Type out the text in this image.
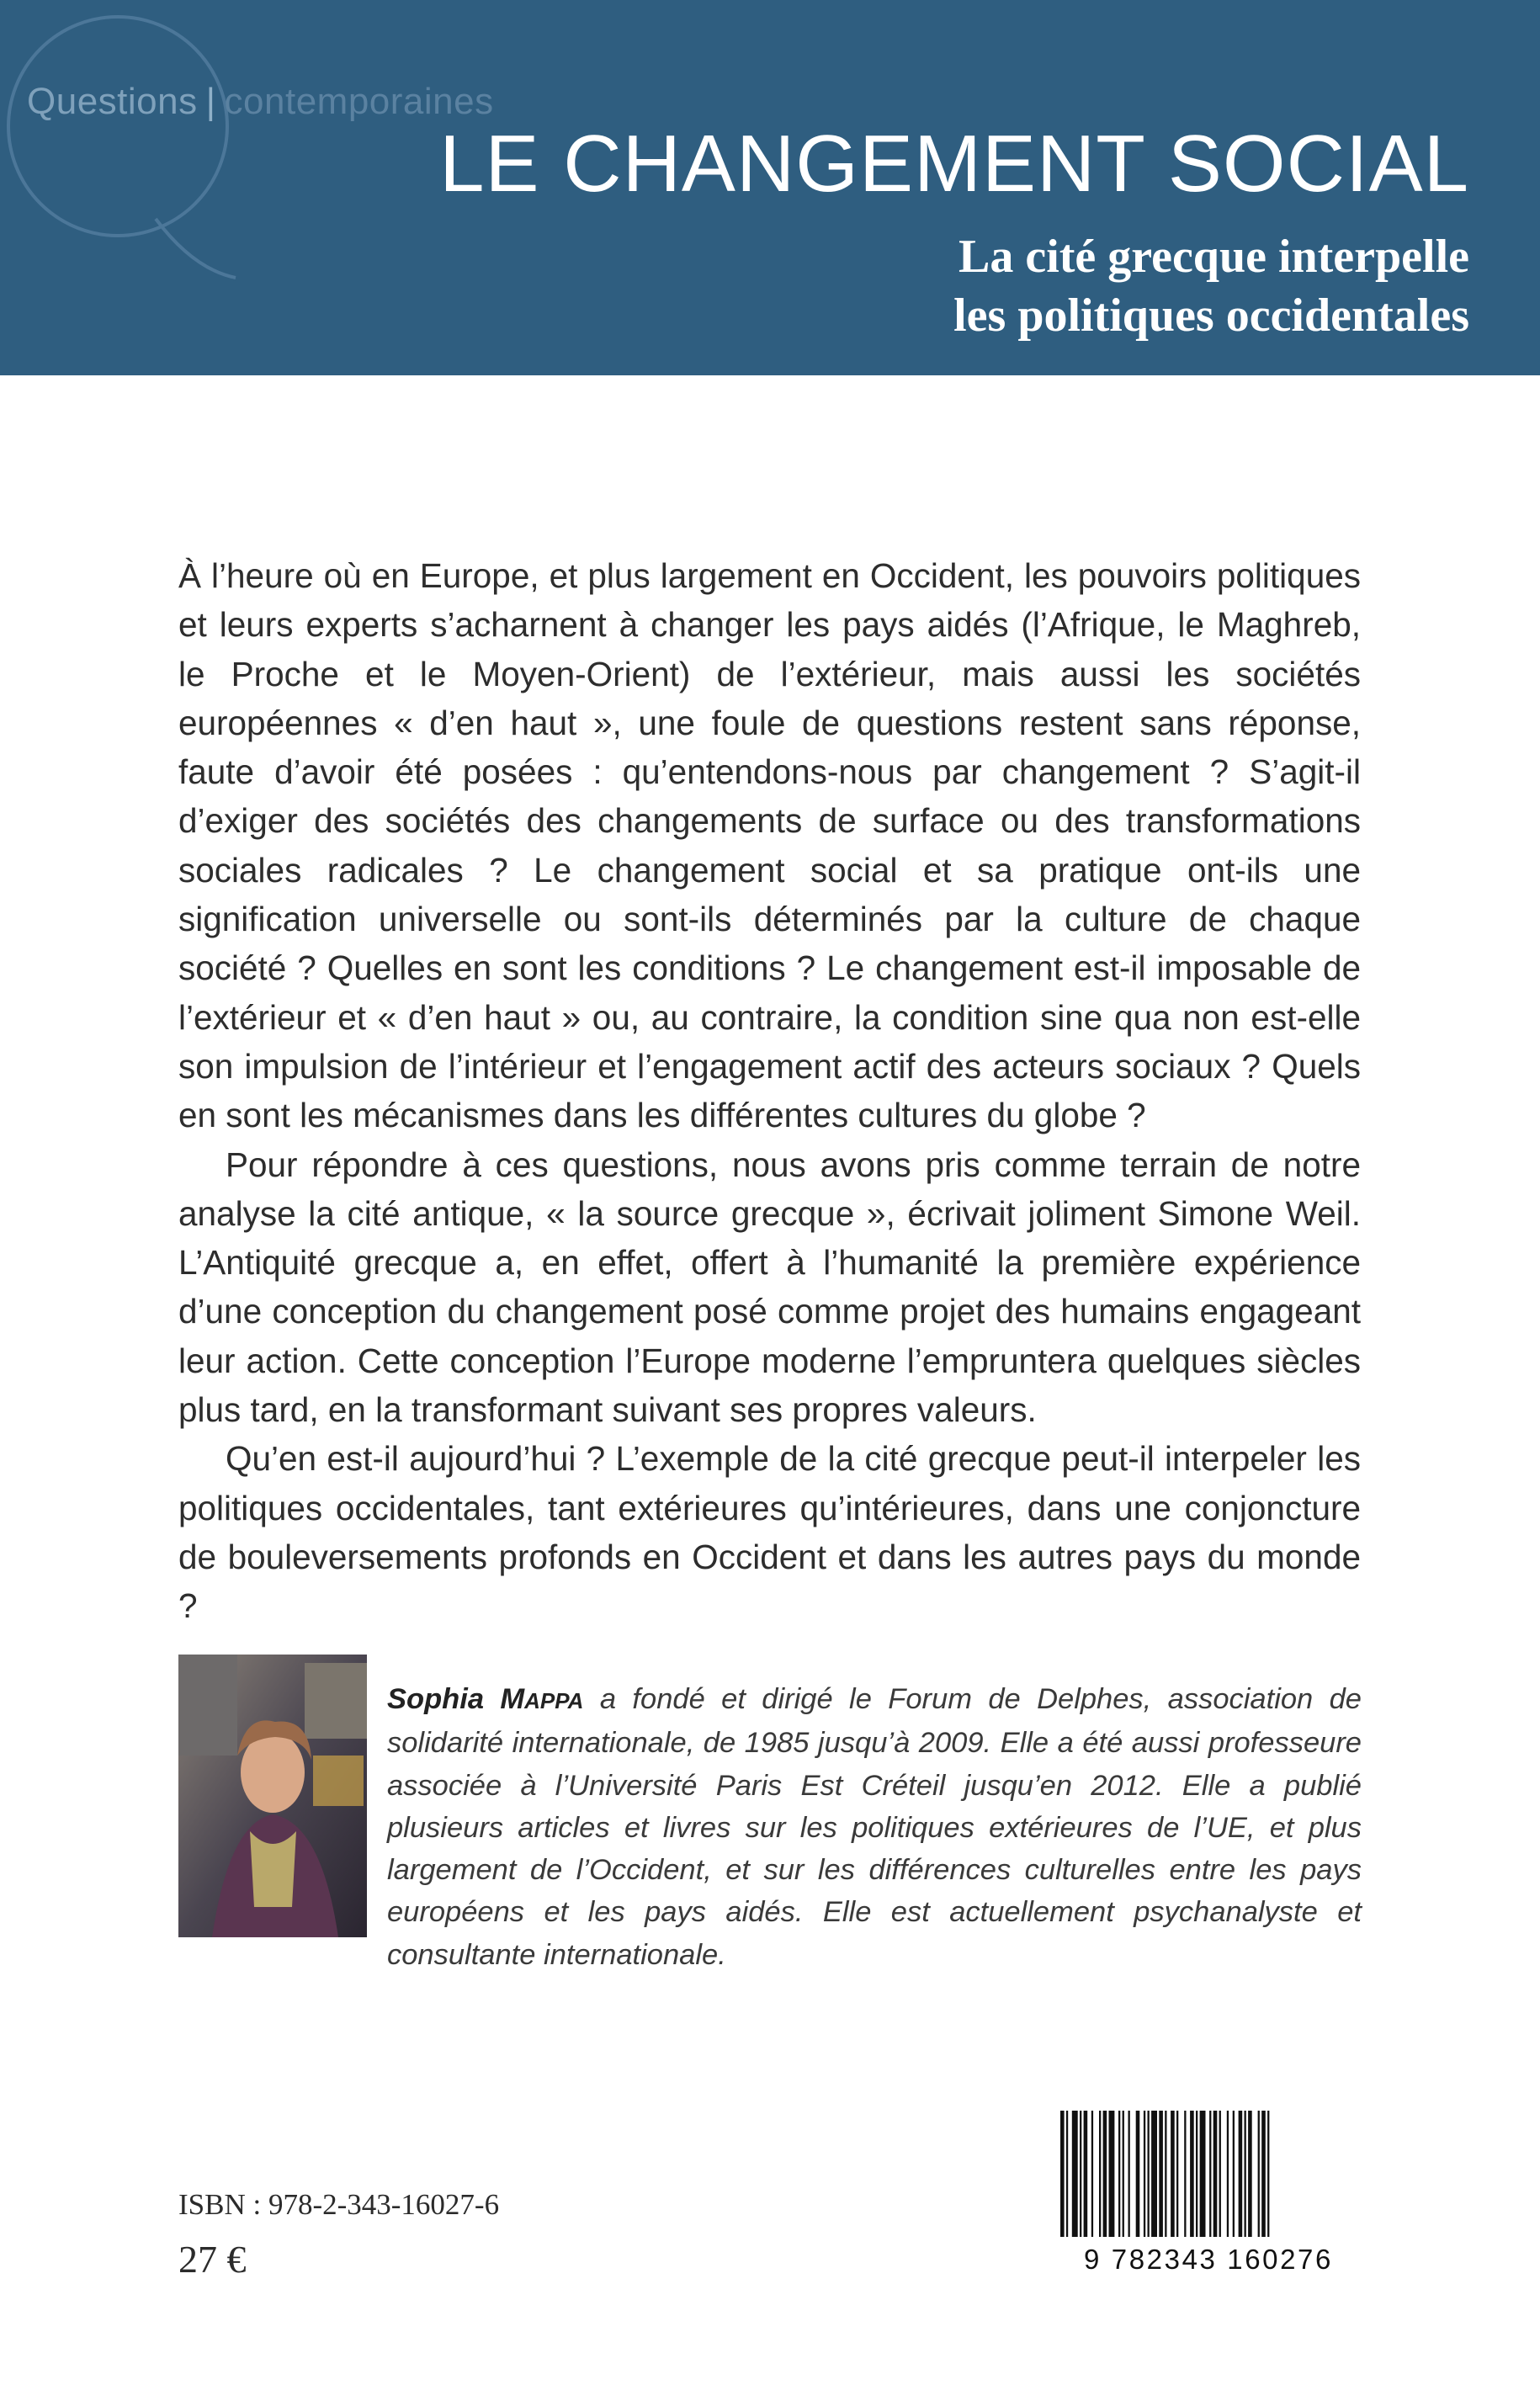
Questions | contemporaines
LE CHANGEMENT SOCIAL
La cité grecque interpelle
les politiques occidentales

À l’heure où en Europe, et plus largement en Occident, les pouvoirs politiques et leurs experts s’acharnent à changer les pays aidés (l’Afrique, le Maghreb, le Proche et le Moyen-Orient) de l’extérieur, mais aussi les sociétés européennes « d’en haut », une foule de questions restent sans réponse, faute d’avoir été posées : qu’entendons-nous par changement ? S’agit-il d’exiger des sociétés des changements de surface ou des transformations sociales radicales ? Le changement social et sa pratique ont-ils une signification universelle ou sont-ils déterminés par la culture de chaque société ? Quelles en sont les conditions ? Le changement est-il imposable de l’extérieur et « d’en haut » ou, au contraire, la condition sine qua non est-elle son impulsion de l’intérieur et l’engagement actif des acteurs sociaux ? Quels en sont les mécanismes dans les différentes cultures du globe ?

Pour répondre à ces questions, nous avons pris comme terrain de notre analyse la cité antique, « la source grecque », écrivait joliment Simone Weil. L’Antiquité grecque a, en effet, offert à l’humanité la première expérience d’une conception du changement posé comme projet des humains engageant leur action. Cette conception l’Europe moderne l’empruntera quelques siècles plus tard, en la transformant suivant ses propres valeurs.

Qu’en est-il aujourd’hui ? L’exemple de la cité grecque peut-il interpeler les politiques occidentales, tant extérieures qu’intérieures, dans une conjoncture de bouleversements profonds en Occident et dans les autres pays du monde ?

Sophia MAPPA a fondé et dirigé le Forum de Delphes, association de solidarité internationale, de 1985 jusqu’à 2009. Elle a été aussi professeure associée à l’Université Paris Est Créteil jusqu’en 2012. Elle a publié plusieurs articles et livres sur les politiques extérieures de l’UE, et plus largement de l’Occident, et sur les différences culturelles entre les pays européens et les pays aidés. Elle est actuellement psychanalyste et consultante internationale.
ISBN : 978-2-343-16027-6
27 €	9 782343 160276
